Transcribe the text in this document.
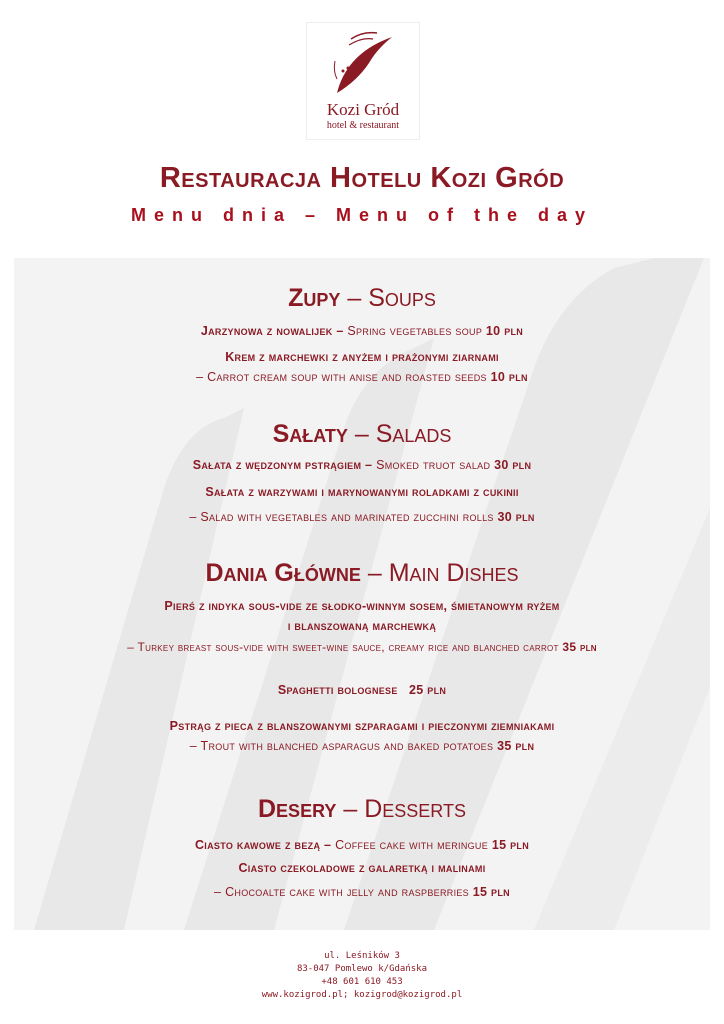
Kozi Gród
hotel & restaurant
Restauracja Hotelu Kozi Gród
Menu dnia – Menu of the day
Zupy – Soups
Jarzynowa z nowalijek – Spring vegetables soup 10 pln
Krem z marchewki z anyżem i prażonymi ziarnami
– Carrot cream soup with anise and roasted seeds 10 pln
Sałaty – Salads
Sałata z wędzonym pstrągiem – Smoked truot salad 30 pln
Sałata z warzywami i marynowanymi roladkami z cukinii
– Salad with vegetables and marinated zucchini rolls 30 pln
Dania Główne – Main Dishes
Pierś z indyka sous-vide ze słodko-winnym sosem, śmietanowym ryżem
i blanszowaną marchewką
– Turkey breast sous-vide with sweet-wine sauce, creamy rice and blanched carrot 35 pln
Spaghetti bolognese 25 pln
Pstrąg z pieca z blanszowanymi szparagami i pieczonymi ziemniakami
– Trout with blanched asparagus and baked potatoes 35 pln
Desery – Desserts
Ciasto kawowe z bezą – Coffee cake with meringue 15 pln
Ciasto czekoladowe z galaretką i malinami
– Chocoalte cake with jelly and raspberries 15 pln
ul. Leśników 3
83-047 Pomlewo k/Gdańska
+48 601 610 453
www.kozigrod.pl; kozigrod@kozigrod.pl
